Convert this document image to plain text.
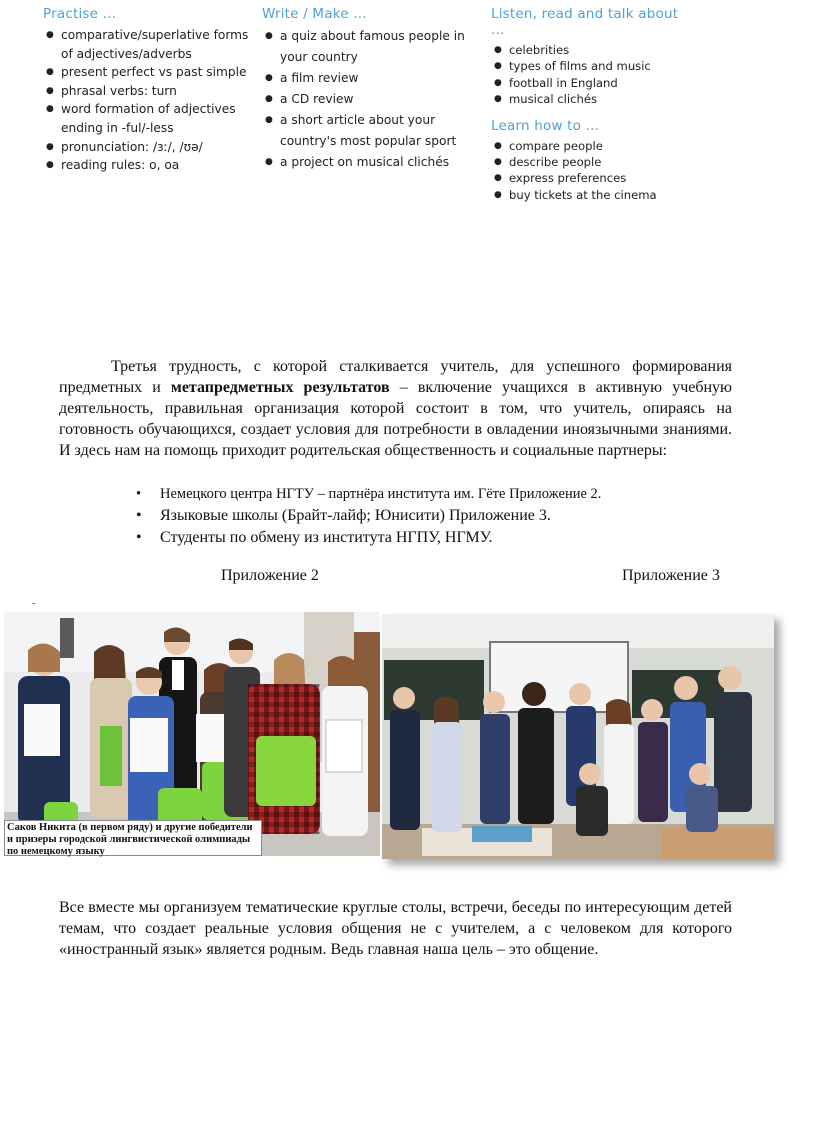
Practise ...
● comparative/superlative forms of adjectives/adverbs
● present perfect vs past simple
● phrasal verbs: turn
● word formation of adjectives ending in -ful/-less
● pronunciation: /ɜː/, /ʊə/
● reading rules: o, oa
Write / Make ...
● a quiz about famous people in your country
● a film review
● a CD review
● a short article about your country's most popular sport
● a project on musical clichés
Listen, read and talk about ...
● celebrities
● types of films and music
● football in England
● musical clichés
Learn how to ...
● compare people
● describe people
● express preferences
● buy tickets at the cinema
Третья трудность, с которой сталкивается учитель, для успешного формирования предметных и метапредметных результатов – включение учащихся в активную учебную деятельность, правильная организация которой состоит в том, что учитель, опираясь на готовность обучающихся, создает условия для потребности в овладении иноязычными знаниями. И здесь нам на помощь приходит родительская общественность и социальные партнеры:
• Немецкого центра НГТУ – партнёра института им. Гёте Приложение 2.
• Языковые школы (Брайт-лайф; Юнисити) Приложение 3.
• Студенты по обмену из института НГПУ, НГМУ.
Приложение 2	Приложение 3
-
Саков Никита (в первом ряду) и другие победители и призеры городской лингвистической олимпиады по немецкому языку
Все вместе мы организуем тематические круглые столы, встречи, беседы по интересующим детей темам, что создает реальные условия общения не с учителем, а с человеком для которого «иностранный язык» является родным. Ведь главная наша цель – это общение.
